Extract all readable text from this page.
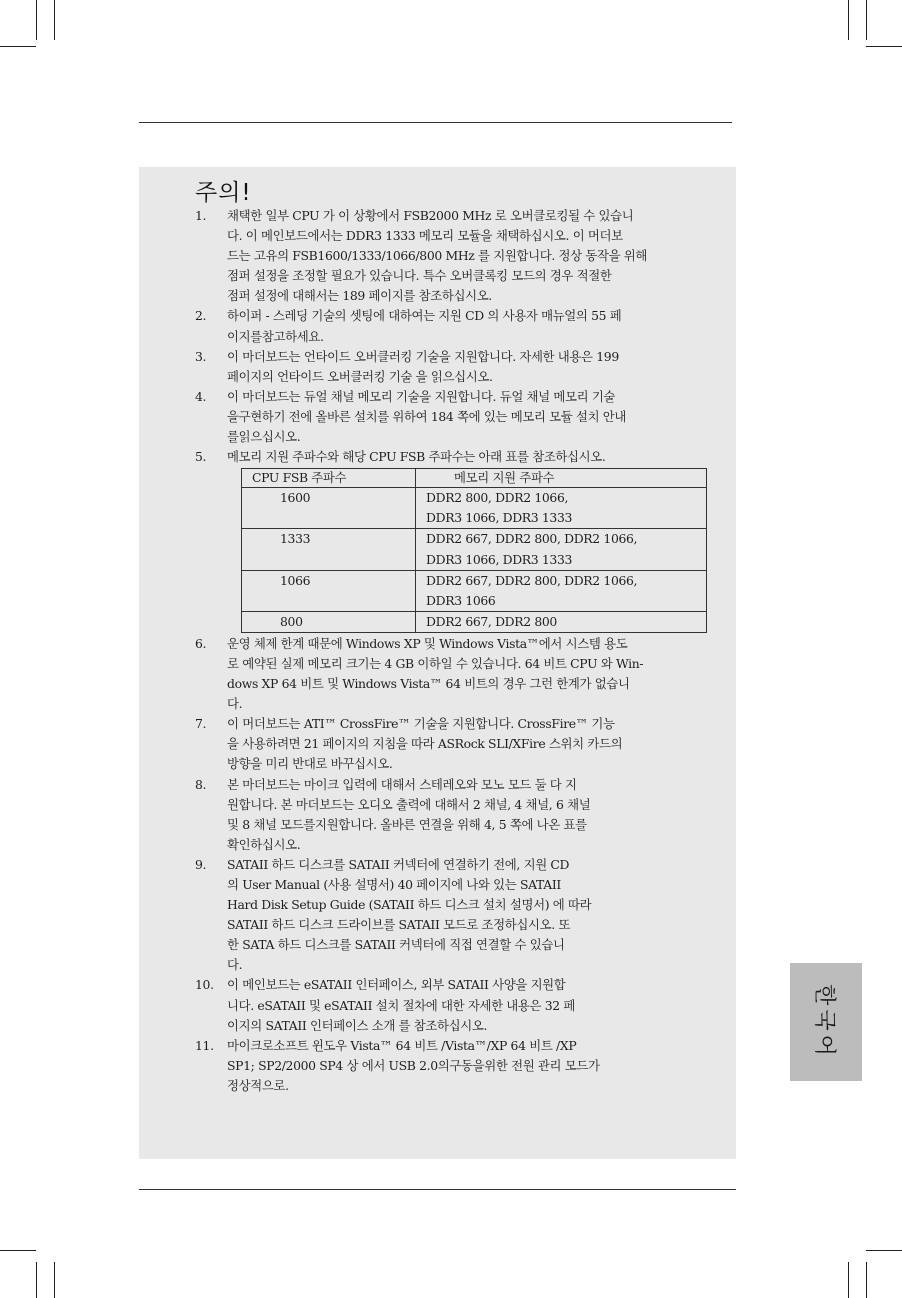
주의!
1. 채택한 일부 CPU 가 이 상황에서 FSB2000 MHz 로 오버클로킹될 수 있습니
다. 이 메인보드에서는 DDR3 1333 메모리 모듈을 채택하십시오. 이 머더보
드는 고유의 FSB1600/1333/1066/800 MHz 를 지원합니다. 정상 동작을 위해
점퍼 설정을 조정할 필요가 있습니다. 특수 오버클록킹 모드의 경우 적절한
점퍼 설정에 대해서는 189 페이지를 참조하십시오.
2. 하이퍼 - 스레딩 기술의 셋팅에 대하여는 지원 CD 의 사용자 매뉴얼의 55 페
이지를참고하세요.
3. 이 마더보드는 언타이드 오버클러킹 기술을 지원합니다. 자세한 내용은 199
페이지의 언타이드 오버클러킹 기술 을 읽으십시오.
4. 이 마더보드는 듀얼 채널 메모리 기술을 지원합니다. 듀얼 채널 메모리 기술
을구현하기 전에 올바른 설치를 위하여 184 쪽에 있는 메모리 모듈 설치 안내
를읽으십시오.
5. 메모리 지원 주파수와 해당 CPU FSB 주파수는 아래 표를 참조하십시오.
CPU FSB 주파수	메모리 지원 주파수
1600	DDR2 800, DDR2 1066,
DDR3 1066, DDR3 1333

1333	DDR2 667, DDR2 800, DDR2 1066,
DDR3 1066, DDR3 1333

1066	DDR2 667, DDR2 800, DDR2 1066,
DDR3 1066

800	DDR2 667, DDR2 800
6. 운영 체제 한계 때문에 Windows XP 및 Windows Vista™에서 시스템 용도
로 예약된 실제 메모리 크기는 4 GB 이하일 수 있습니다. 64 비트 CPU 와 Win-
dows XP 64 비트 및 Windows Vista™ 64 비트의 경우 그런 한계가 없습니
다.
7. 이 머더보드는 ATI™ CrossFire™ 기술을 지원합니다. CrossFire™ 기능
을 사용하려면 21 페이지의 지침을 따라 ASRock SLI/XFire 스위치 카드의
방향을 미리 반대로 바꾸십시오.
8. 본 마더보드는 마이크 입력에 대해서 스테레오와 모노 모드 둘 다 지
원합니다. 본 마더보드는 오디오 출력에 대해서 2 채널, 4 채널, 6 채널
및 8 채널 모드를지원합니다. 올바른 연결을 위해 4, 5 쪽에 나온 표를
확인하십시오.
9. SATAII 하드 디스크를 SATAII 커넥터에 연결하기 전에, 지원 CD
의 User Manual (사용 설명서) 40 페이지에 나와 있는 SATAII
Hard Disk Setup Guide (SATAII 하드 디스크 설치 설명서) 에 따라
SATAII 하드 디스크 드라이브를 SATAII 모드로 조정하십시오. 또
한 SATA 하드 디스크를 SATAII 커넥터에 직접 연결할 수 있습니
다.
10. 이 메인보드는 eSATAII 인터페이스, 외부 SATAII 사양을 지원합
니다. eSATAII 및 eSATAII 설치 절차에 대한 자세한 내용은 32 페
이지의 SATAII 인터페이스 소개 를 참조하십시오.
11. 마이크로소프트 윈도우 Vista™ 64 비트 /Vista™/XP 64 비트 /XP
SP1; SP2/2000 SP4 상 에서 USB 2.0의구동을위한 전원 관리 모드가
정상적으로.
한국어
